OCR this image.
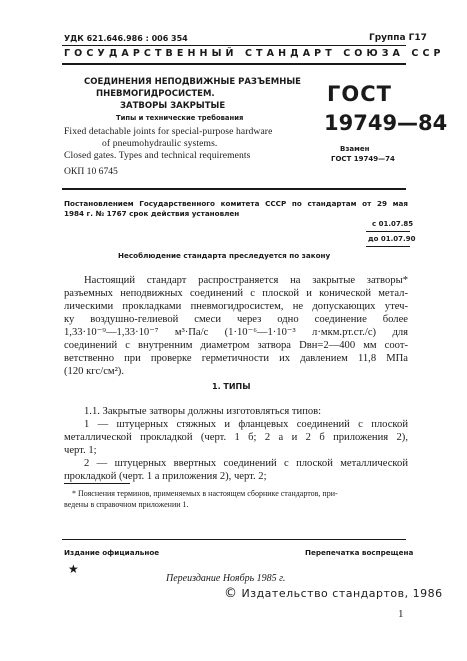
УДК 621.646.986 : 006 354	Группа Г17
ГОСУДАРСТВЕННЫЙ СТАНДАРТ СОЮЗА ССР
СОЕДИНЕНИЯ НЕПОДВИЖНЫЕ РАЗЪЕМНЫЕ
ПНЕВМОГИДРОСИСТЕМ.
ЗАТВОРЫ ЗАКРЫТЫЕ
Типы и технические требования
Fixed detachable joints for special-purpose hardware
of pneumohydraulic systems.
Closed gates. Types and technical requirements
ОКП 10 6745
ГОСТ
19749—84
Взамен
ГОСТ 19749—74
Постановлением Государственного комитета СССР по стандартам от 29 мая
1984 г. № 1767 срок действия установлен
с 01.07.85
до 01.07.90
Несоблюдение стандарта преследуется по закону
Настоящий стандарт распространяется на закрытые затворы*
разъемных неподвижных соединений с плоской и конической метал-
лическими прокладками пневмогидросистем, не допускающих утеч-
ку воздушно-гелиевой смеси через одно соединение более
1,33·10⁻⁹—1,33·10⁻⁷ м³·Па/с (1·10⁻⁶—1·10⁻³ л·мкм.рт.ст./с) для
соединений с внутренним диаметром затвора Dвн=2—400 мм соот-
ветственно при проверке герметичности их давлением 11,8 МПа
(120 кгс/см²).
1. ТИПЫ
1.1. Закрытые затворы должны изготовляться типов:
1 — штуцерных стяжных и фланцевых соединений с плоской
металлической прокладкой (черт. 1 б; 2 а и 2 б приложения 2),
черт. 1;
2 — штуцерных ввертных соединений с плоской металлической
прокладкой (черт. 1 а приложения 2), черт. 2;
* Пояснения терминов, применяемых в настоящем сборнике стандартов, при-
ведены в справочном приложении 1.
Издание официальное	Перепечатка воспрещена
★
Переиздание Ноябрь 1985 г.
© Издательство стандартов, 1986
1
